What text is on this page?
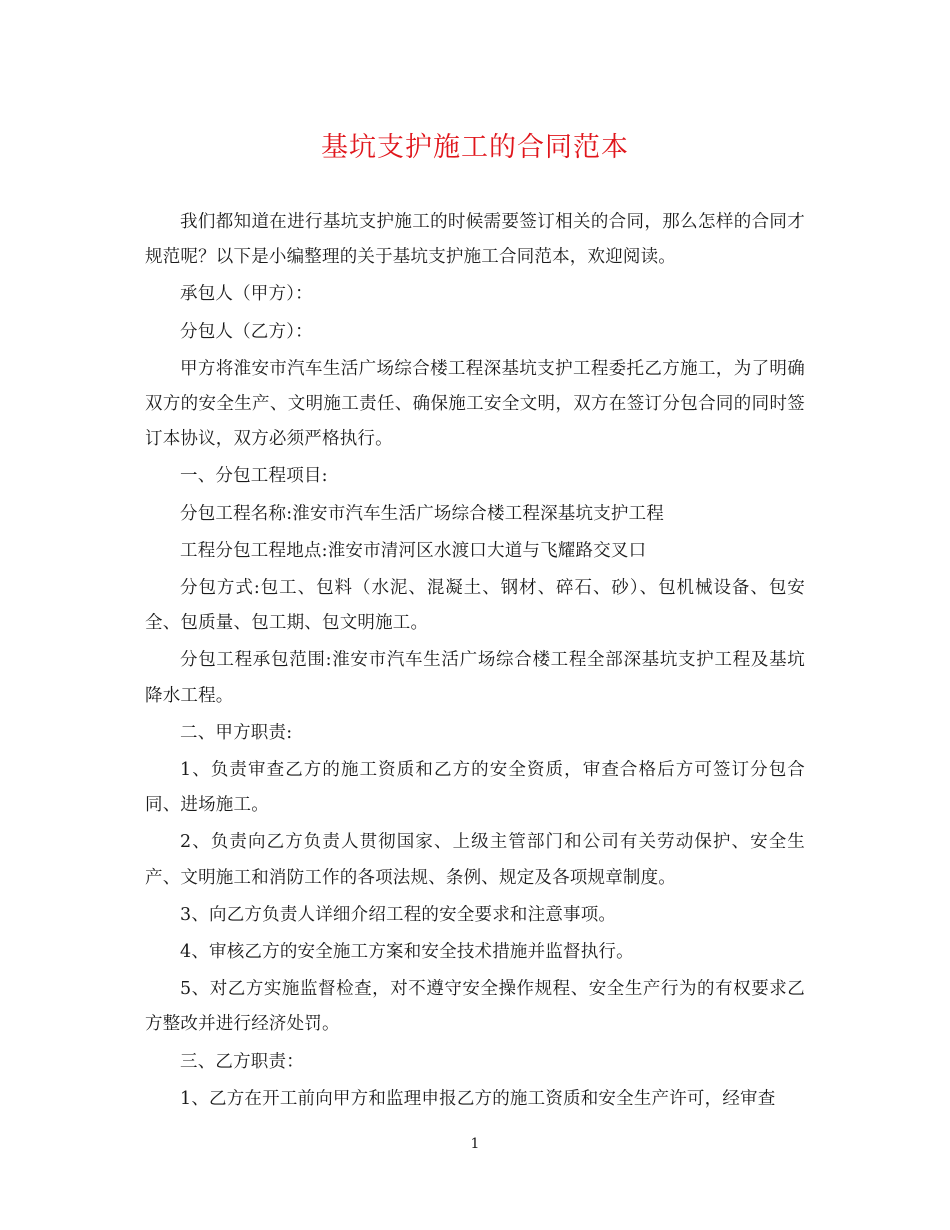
基坑支护施工的合同范本

我们都知道在进行基坑支护施工的时候需要签订相关的合同，那么怎样的合同才规范呢？以下是小编整理的关于基坑支护施工合同范本，欢迎阅读。

承包人（甲方）：

分包人（乙方）：

甲方将淮安市汽车生活广场综合楼工程深基坑支护工程委托乙方施工，为了明确双方的安全生产、文明施工责任、确保施工安全文明，双方在签订分包合同的同时签订本协议，双方必须严格执行。

一、分包工程项目:

分包工程名称:淮安市汽车生活广场综合楼工程深基坑支护工程

工程分包工程地点:淮安市清河区水渡口大道与飞耀路交叉口

分包方式:包工、包料（水泥、混凝土、钢材、碎石、砂）、包机械设备、包安全、包质量、包工期、包文明施工。

分包工程承包范围:淮安市汽车生活广场综合楼工程全部深基坑支护工程及基坑降水工程。

二、甲方职责:

1、负责审查乙方的施工资质和乙方的安全资质，审查合格后方可签订分包合同、进场施工。

2、负责向乙方负责人贯彻国家、上级主管部门和公司有关劳动保护、安全生产、文明施工和消防工作的各项法规、条例、规定及各项规章制度。

3、向乙方负责人详细介绍工程的安全要求和注意事项。

4、审核乙方的安全施工方案和安全技术措施并监督执行。

5、对乙方实施监督检查，对不遵守安全操作规程、安全生产行为的有权要求乙方整改并进行经济处罚。

三、乙方职责：

1、乙方在开工前向甲方和监理申报乙方的施工资质和安全生产许可，经审查

1
